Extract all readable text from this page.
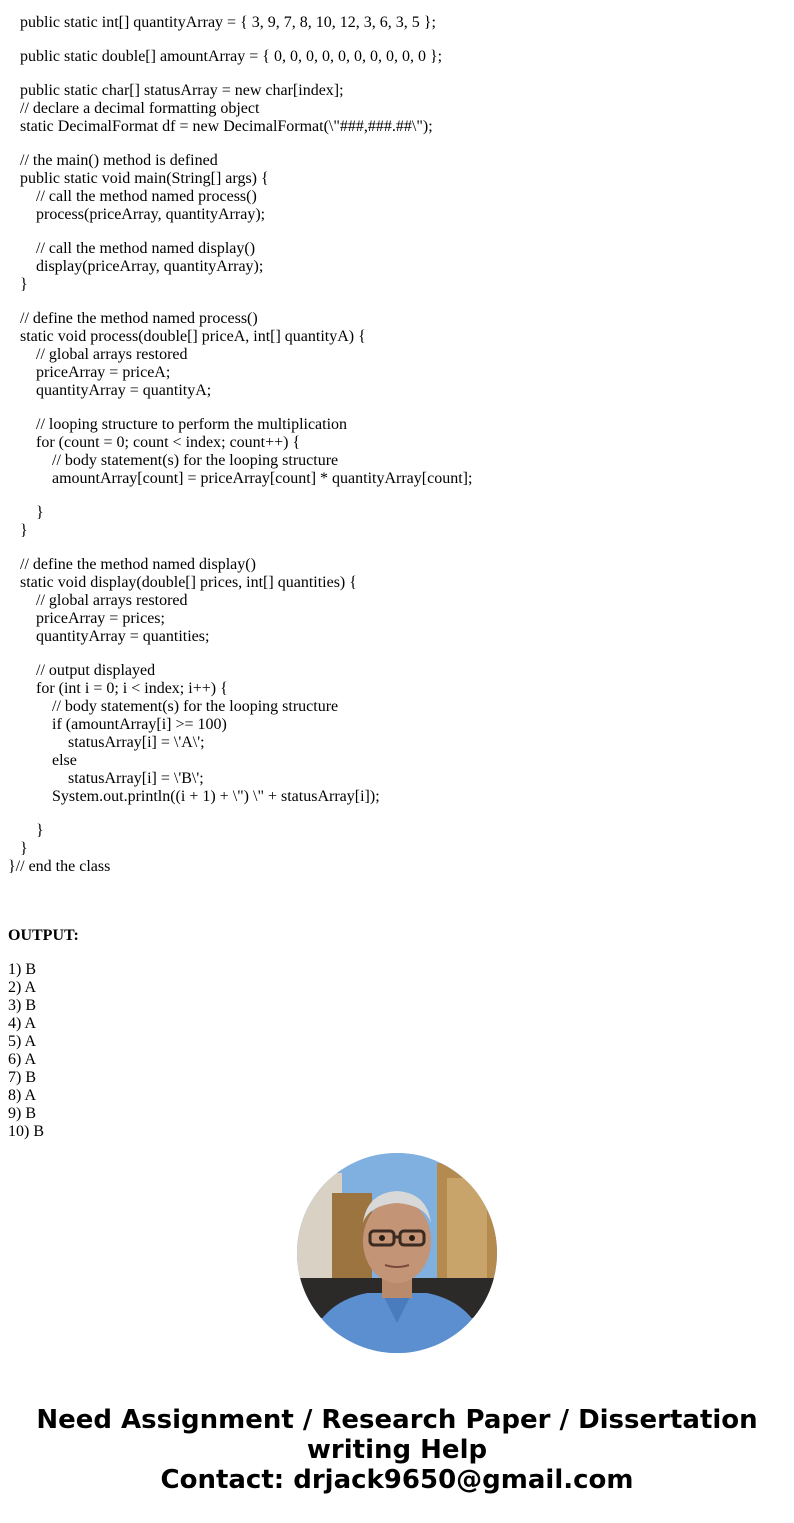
public static int[] quantityArray = { 3, 9, 7, 8, 10, 12, 3, 6, 3, 5 };
public static double[] amountArray = { 0, 0, 0, 0, 0, 0, 0, 0, 0, 0 };
public static char[] statusArray = new char[index];
// declare a decimal formatting object
static DecimalFormat df = new DecimalFormat(\"###,###.##\");
// the main() method is defined
public static void main(String[] args) {
// call the method named process()
process(priceArray, quantityArray);
// call the method named display()
display(priceArray, quantityArray);
}
// define the method named process()
static void process(double[] priceA, int[] quantityA) {
// global arrays restored
priceArray = priceA;
quantityArray = quantityA;
// looping structure to perform the multiplication
for (count = 0; count < index; count++) {
// body statement(s) for the looping structure
amountArray[count] = priceArray[count] * quantityArray[count];
}
}
// define the method named display()
static void display(double[] prices, int[] quantities) {
// global arrays restored
priceArray = prices;
quantityArray = quantities;
// output displayed
for (int i = 0; i < index; i++) {
// body statement(s) for the looping structure
if (amountArray[i] >= 100)
statusArray[i] = \'A\';
else
statusArray[i] = \'B\';
System.out.println((i + 1) + \") \" + statusArray[i]);
}
}
}// end the class
OUTPUT:
1) B
2) A
3) B
4) A
5) A
6) A
7) B
8) A
9) B
10) B
Need Assignment / Research Paper / Dissertation
writing Help
Contact: drjack9650@gmail.com
